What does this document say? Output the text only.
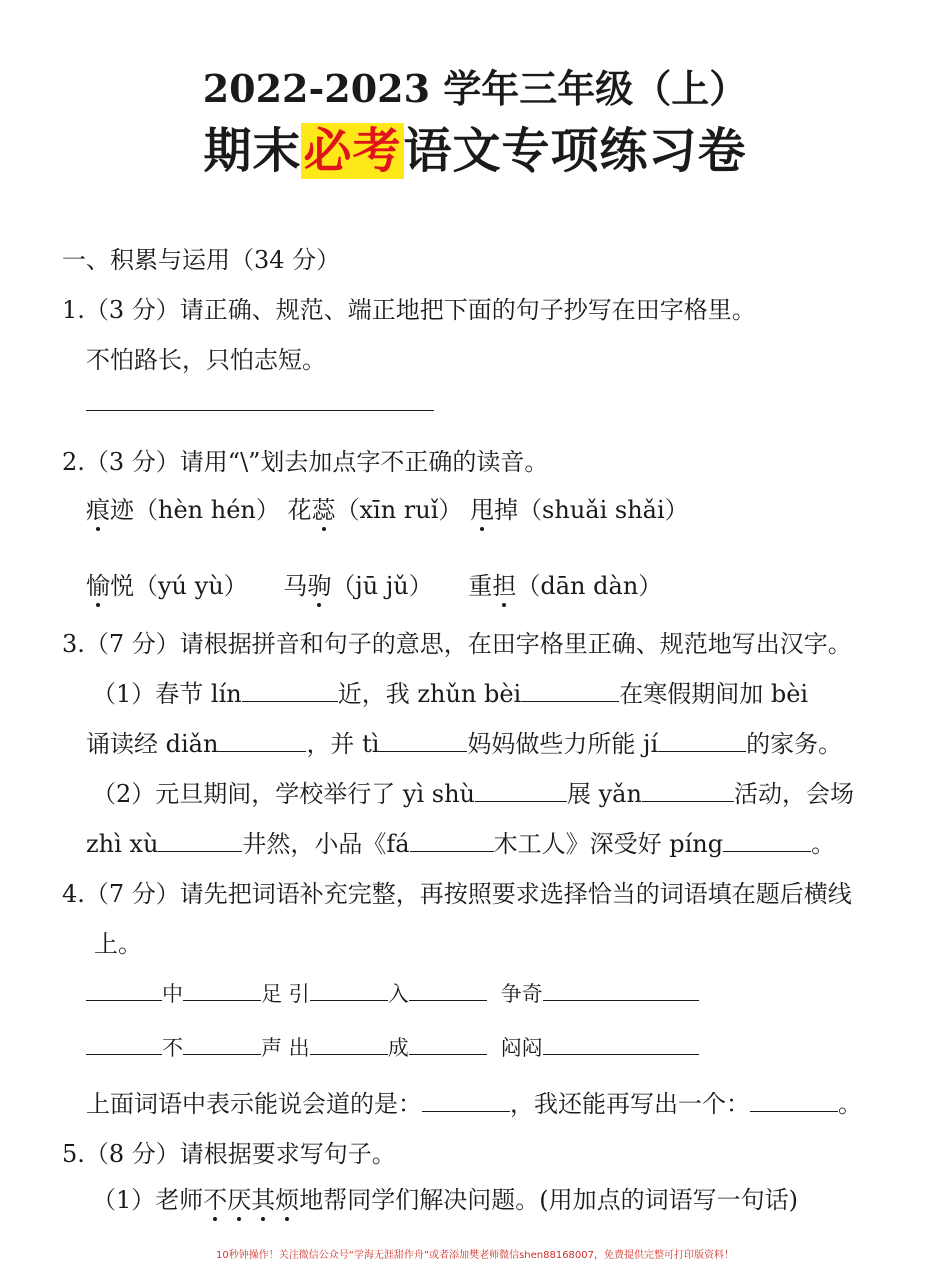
2022-2023 学年三年级（上）
期末必考语文专项练习卷
一、积累与运用（34 分）
1.（3 分）请正确、规范、端正地把下面的句子抄写在田字格里。
不怕路长，只怕志短。
2.（3 分）请用“\”划去加点字不正确的读音。
痕迹（hèn hén） 花蕊（xīn ruǐ） 甩掉（shuǎi shǎi）
愉悦（yú yù） 马驹（jū jǔ） 重担（dān dàn）
3.（7 分）请根据拼音和句子的意思，在田字格里正确、规范地写出汉字。
（1）春节 lín	近，我 zhǔn bèi	在寒假期间加 bèi
诵读经 diǎn	，并 tì	妈妈做些力所能 jí	的家务。
（2）元旦期间，学校举行了 yì shù	展 yǎn	活动，会场
zhì xù	井然，小品《fá	木工人》深受好 píng	。
4.（7 分）请先把词语补充完整，再按照要求选择恰当的词语填在题后横线
上。
中	足 引	入	争奇
不	声 出	成	闷闷
上面词语中表示能说会道的是：	，我还能再写出一个：	。
5.（8 分）请根据要求写句子。
（1）老师不厌其烦地帮同学们解决问题。(用加点的词语写一句话)
10秒钟操作！关注微信公众号“学海无涯甜作舟”或者添加樊老师微信shen88168007，免费提供完整可打印版资料！
